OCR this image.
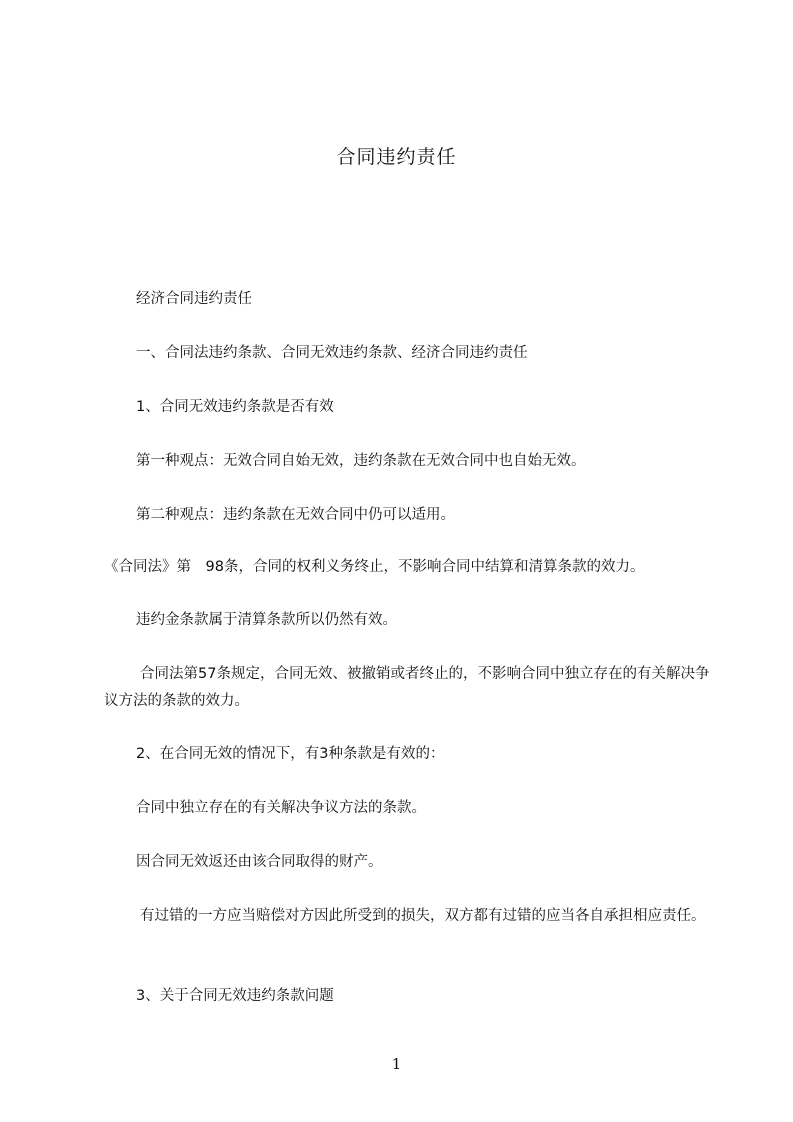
合同违约责任

经济合同违约责任

一、合同法违约条款、合同无效违约条款、经济合同违约责任

1、合同无效违约条款是否有效

第一种观点：无效合同自始无效，违约条款在无效合同中也自始无效。

第二种观点：违约条款在无效合同中仍可以适用。

《合同法》第　98条，合同的权利义务终止，不影响合同中结算和清算条款的效力。

违约金条款属于清算条款所以仍然有效。

合同法第57条规定，合同无效、被撤销或者终止的，不影响合同中独立存在的有关解决争议方法的条款的效力。

2、在合同无效的情况下，有3种条款是有效的：

合同中独立存在的有关解决争议方法的条款。

因合同无效返还由该合同取得的财产。

有过错的一方应当赔偿对方因此所受到的损失，双方都有过错的应当各自承担相应责任。

3、关于合同无效违约条款问题

1
